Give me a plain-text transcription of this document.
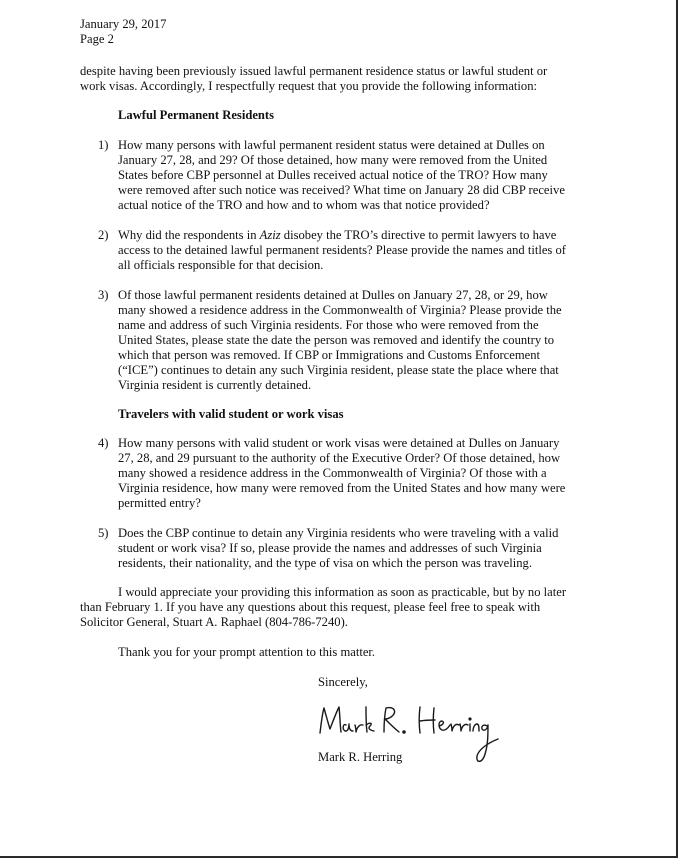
January 29, 2017
Page 2
despite having been previously issued lawful permanent residence status or lawful student or
work visas. Accordingly, I respectfully request that you provide the following information:
Lawful Permanent Residents
1) How many persons with lawful permanent resident status were detained at Dulles on
January 27, 28, and 29? Of those detained, how many were removed from the United
States before CBP personnel at Dulles received actual notice of the TRO? How many
were removed after such notice was received? What time on January 28 did CBP receive
actual notice of the TRO and how and to whom was that notice provided?
2) Why did the respondents in Aziz disobey the TRO’s directive to permit lawyers to have
access to the detained lawful permanent residents? Please provide the names and titles of
all officials responsible for that decision.
3) Of those lawful permanent residents detained at Dulles on January 27, 28, or 29, how
many showed a residence address in the Commonwealth of Virginia? Please provide the
name and address of such Virginia residents. For those who were removed from the
United States, please state the date the person was removed and identify the country to
which that person was removed. If CBP or Immigrations and Customs Enforcement
(“ICE”) continues to detain any such Virginia resident, please state the place where that
Virginia resident is currently detained.
Travelers with valid student or work visas
4) How many persons with valid student or work visas were detained at Dulles on January
27, 28, and 29 pursuant to the authority of the Executive Order? Of those detained, how
many showed a residence address in the Commonwealth of Virginia? Of those with a
Virginia residence, how many were removed from the United States and how many were
permitted entry?
5) Does the CBP continue to detain any Virginia residents who were traveling with a valid
student or work visa? If so, please provide the names and addresses of such Virginia
residents, their nationality, and the type of visa on which the person was traveling.
I would appreciate your providing this information as soon as practicable, but by no later
than February 1. If you have any questions about this request, please feel free to speak with
Solicitor General, Stuart A. Raphael (804-786-7240).
Thank you for your prompt attention to this matter.
Sincerely,
Mark R. Herring
